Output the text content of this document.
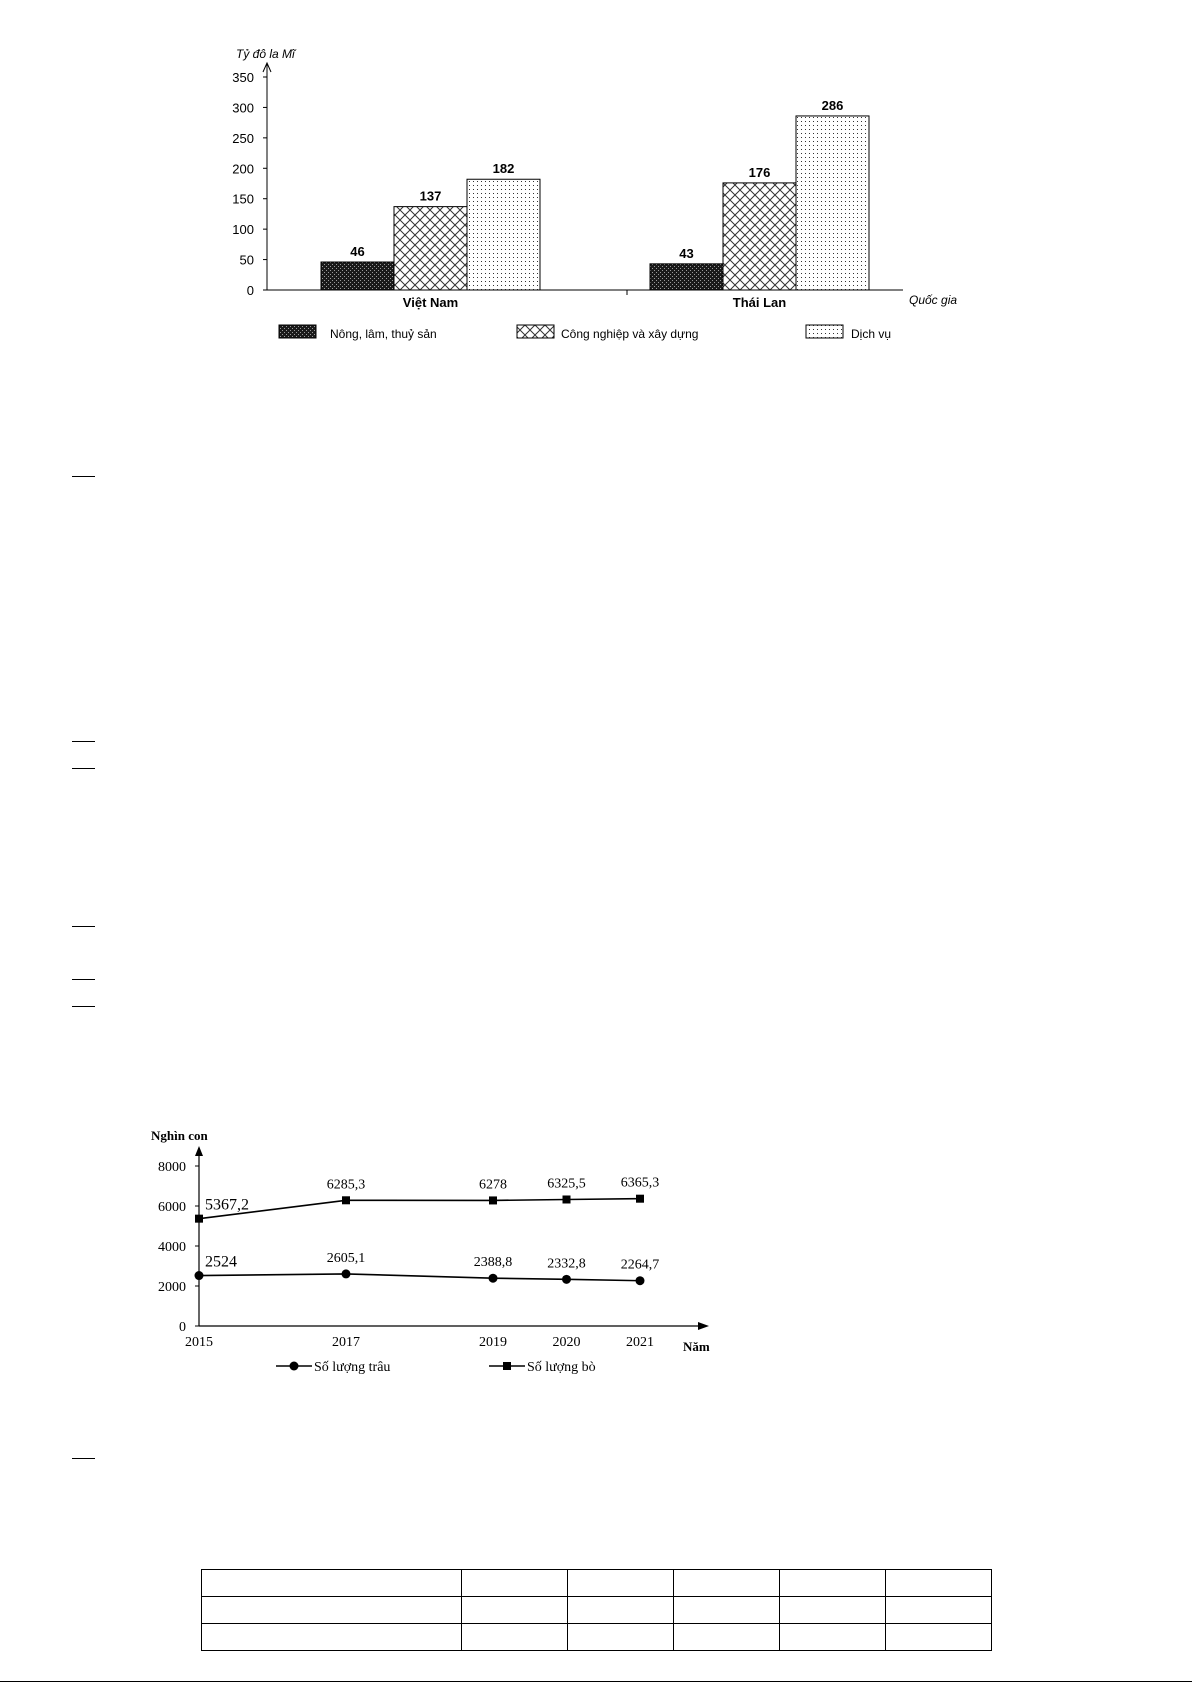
Tỷ đô la Mĩ
Quốc gia
0
50
100
150
200
250
300
350
46
137
182
Việt Nam
43
176
286
Thái Lan
Nông, lâm, thuỷ sản	Công nghiệp và xây dựng	Dịch vụ
Nghìn con
Năm
0
2000
4000
6000
8000
2015	2017	2019	2020	2021
2524	2605,1	2388,8	2332,8	2264,7
5367,2
6285,3	6278	6325,5	6365,3
Số lượng trâu	Số lượng bò
